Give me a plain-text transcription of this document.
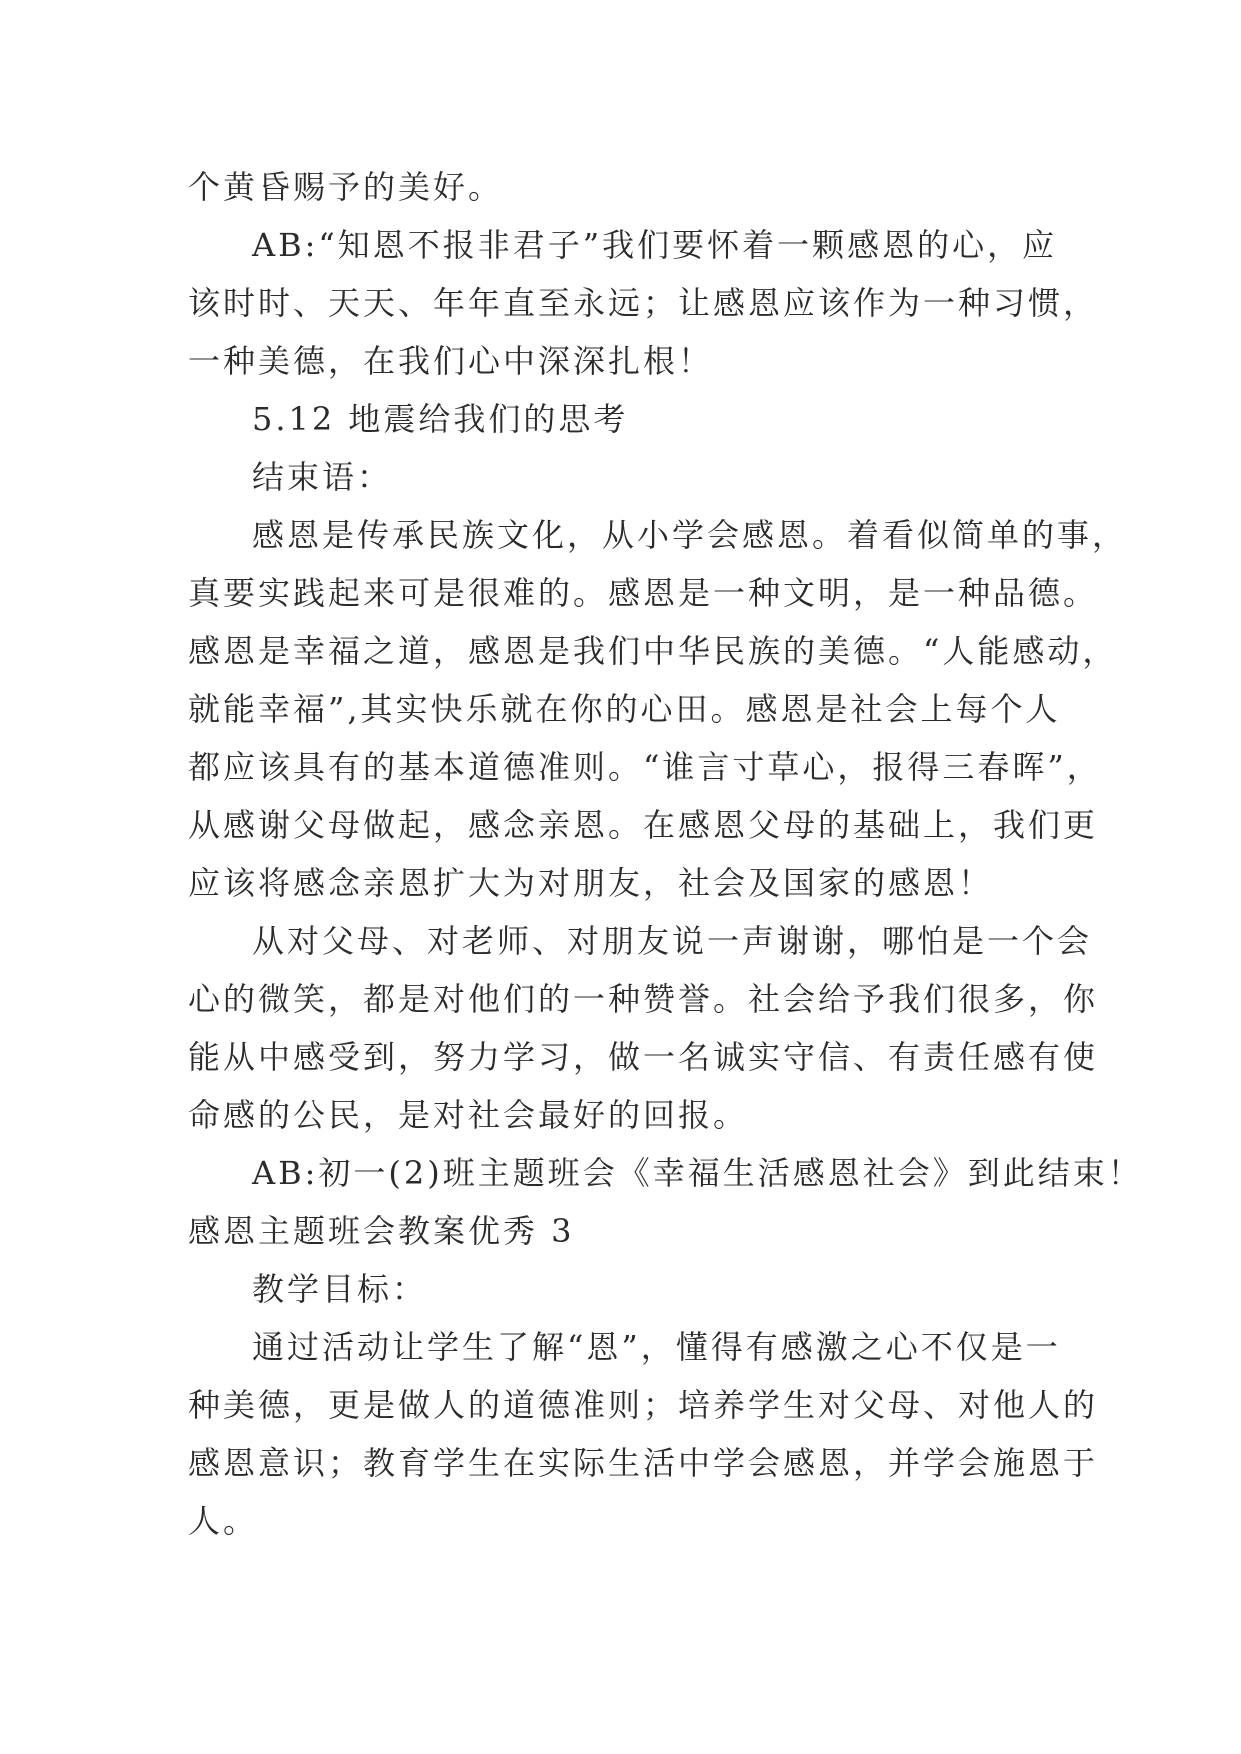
个黄昏赐予的美好。
AB:“知恩不报非君子”我们要怀着一颗感恩的心，应
该时时、天天、年年直至永远；让感恩应该作为一种习惯，
一种美德，在我们心中深深扎根！
5.12 地震给我们的思考
结束语：
感恩是传承民族文化，从小学会感恩。着看似简单的事，
真要实践起来可是很难的。感恩是一种文明，是一种品德。
感恩是幸福之道，感恩是我们中华民族的美德。“人能感动，
就能幸福”,其实快乐就在你的心田。感恩是社会上每个人
都应该具有的基本道德准则。“谁言寸草心，报得三春晖”，
从感谢父母做起，感念亲恩。在感恩父母的基础上，我们更
应该将感念亲恩扩大为对朋友，社会及国家的感恩！
从对父母、对老师、对朋友说一声谢谢，哪怕是一个会
心的微笑，都是对他们的一种赞誉。社会给予我们很多，你
能从中感受到，努力学习，做一名诚实守信、有责任感有使
命感的公民，是对社会最好的回报。
AB:初一(2)班主题班会《幸福生活感恩社会》到此结束！
感恩主题班会教案优秀 3
教学目标：
通过活动让学生了解“恩”，懂得有感激之心不仅是一
种美德，更是做人的道德准则；培养学生对父母、对他人的
感恩意识；教育学生在实际生活中学会感恩，并学会施恩于
人。
